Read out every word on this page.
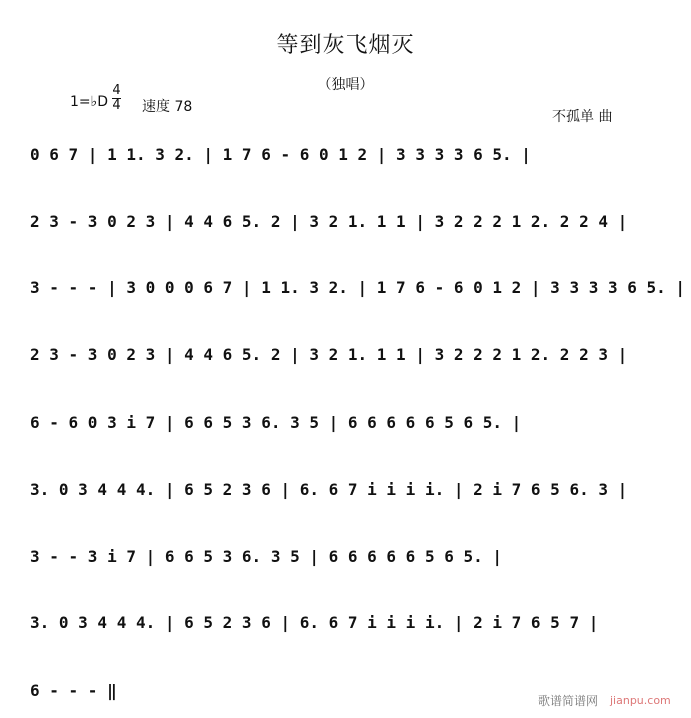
等到灰飞烟灭
（独唱）
1=♭D
4
4 速度 78
不孤单 曲
0 6 7 | 1 1. 3 2. | 1 7 6 - 6 0 1 2 | 3 3 3 3 6 5. |
2 3 - 3 0 2 3 | 4 4 6 5. 2 | 3 2 1. 1 1 | 3 2 2 2 1 2. 2 2 4 |
3 - - - | 3 0 0 0 6 7 | 1 1. 3 2. | 1 7 6 - 6 0 1 2 | 3 3 3 3 6 5. |
2 3 - 3 0 2 3 | 4 4 6 5. 2 | 3 2 1. 1 1 | 3 2 2 2 1 2. 2 2 3 |
6 - 6 0 3 i 7 | 6 6 5 3 6. 3 5 | 6 6 6 6 6 5 6 5. |
3. 0 3 4 4 4. | 6 5 2 3 6 | 6. 6 7 i i i i. | 2 i 7 6 5 6. 3 |
3 - - 3 i 7 | 6 6 5 3 6. 3 5 | 6 6 6 6 6 5 6 5. |
3. 0 3 4 4 4. | 6 5 2 3 6 | 6. 6 7 i i i i. | 2 i 7 6 5 7 |
6 - - - ‖
歌谱简谱网 jianpu.com
